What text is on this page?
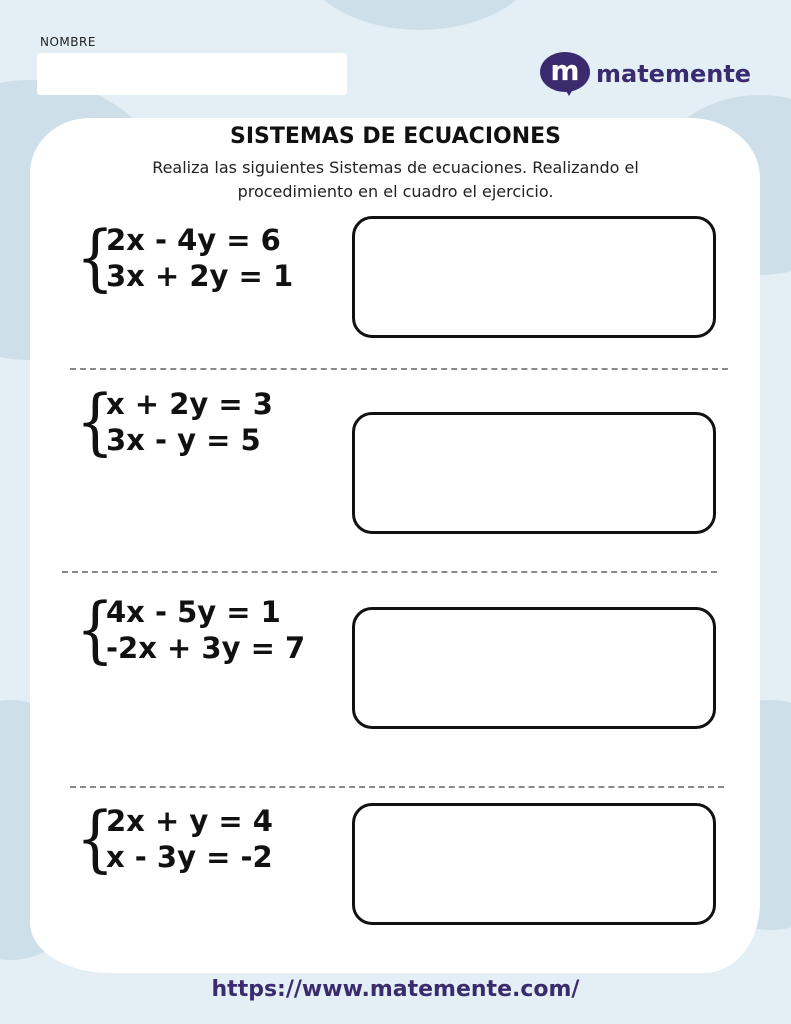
NOMBRE
m matemente
SISTEMAS DE ECUACIONES
Realiza las siguientes Sistemas de ecuaciones. Realizando el procedimiento en el cuadro el ejercicio.
{
2x - 4y = 6
3x + 2y = 1
{
x + 2y = 3
3x - y = 5
{
4x - 5y = 1
-2x + 3y = 7
{
2x + y = 4
x - 3y = -2
https://www.matemente.com/
